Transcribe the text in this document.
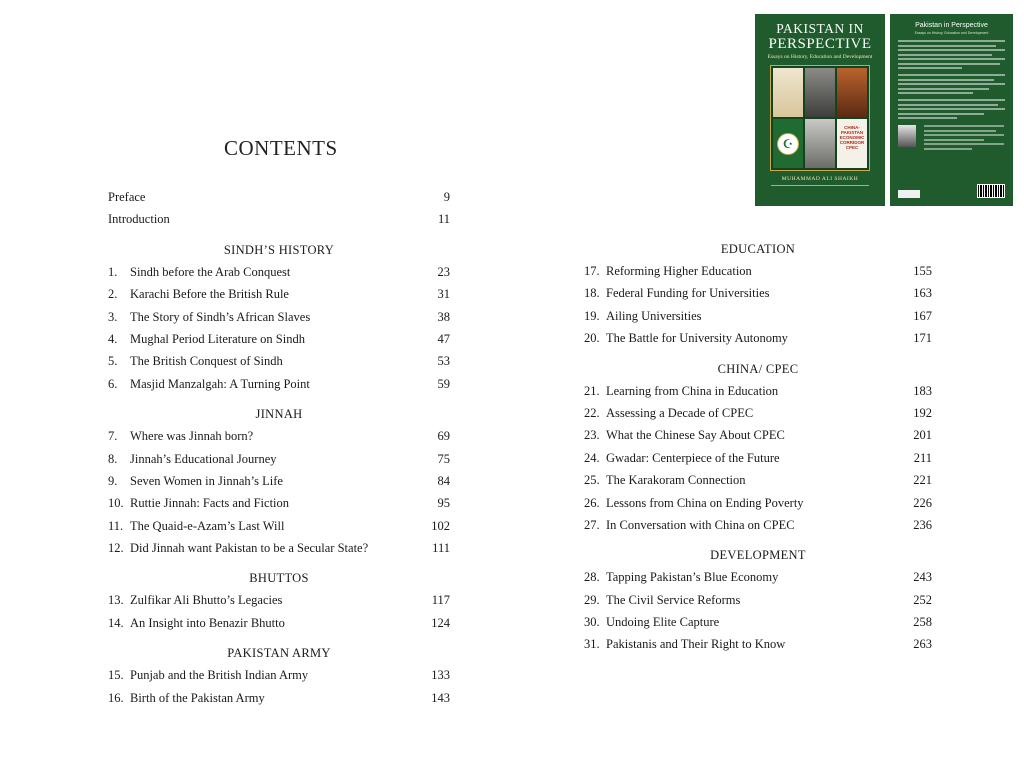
CONTENTS
Preface	9
Introduction	11
SINDH’S HISTORY
1. Sindh before the Arab Conquest	23
2. Karachi Before the British Rule	31
3. The Story of Sindh’s African Slaves	38
4. Mughal Period Literature on Sindh	47
5. The British Conquest of Sindh	53
6. Masjid Manzalgah: A Turning Point	59
JINNAH
7. Where was Jinnah born?	69
8. Jinnah’s Educational Journey	75
9. Seven Women in Jinnah’s Life	84
10. Ruttie Jinnah: Facts and Fiction	95
11. The Quaid-e-Azam’s Last Will	102
12. Did Jinnah want Pakistan to be a Secular State?	111
BHUTTOS
13. Zulfikar Ali Bhutto’s Legacies	117
14. An Insight into Benazir Bhutto	124
PAKISTAN ARMY
15. Punjab and the British Indian Army	133
16. Birth of the Pakistan Army	143
EDUCATION
17. Reforming Higher Education	155
18. Federal Funding for Universities	163
19. Ailing Universities	167
20. The Battle for University Autonomy	171
CHINA/ CPEC
21. Learning from China in Education	183
22. Assessing a Decade of CPEC	192
23. What the Chinese Say About CPEC	201
24. Gwadar: Centerpiece of the Future	211
25. The Karakoram Connection	221
26. Lessons from China on Ending Poverty	226
27. In Conversation with China on CPEC	236
DEVELOPMENT
28. Tapping Pakistan’s Blue Economy	243
29. The Civil Service Reforms	252
30. Undoing Elite Capture	258
31. Pakistanis and Their Right to Know	263
PAKISTAN IN
PERSPECTIVE
Essays on History, Education and Development
☪
CHINA-PAKISTAN ECONOMIC CORRIDOR CPEC
MUHAMMAD ALI SHAIKH
Pakistan in Perspective
Essays on History, Education and Development
